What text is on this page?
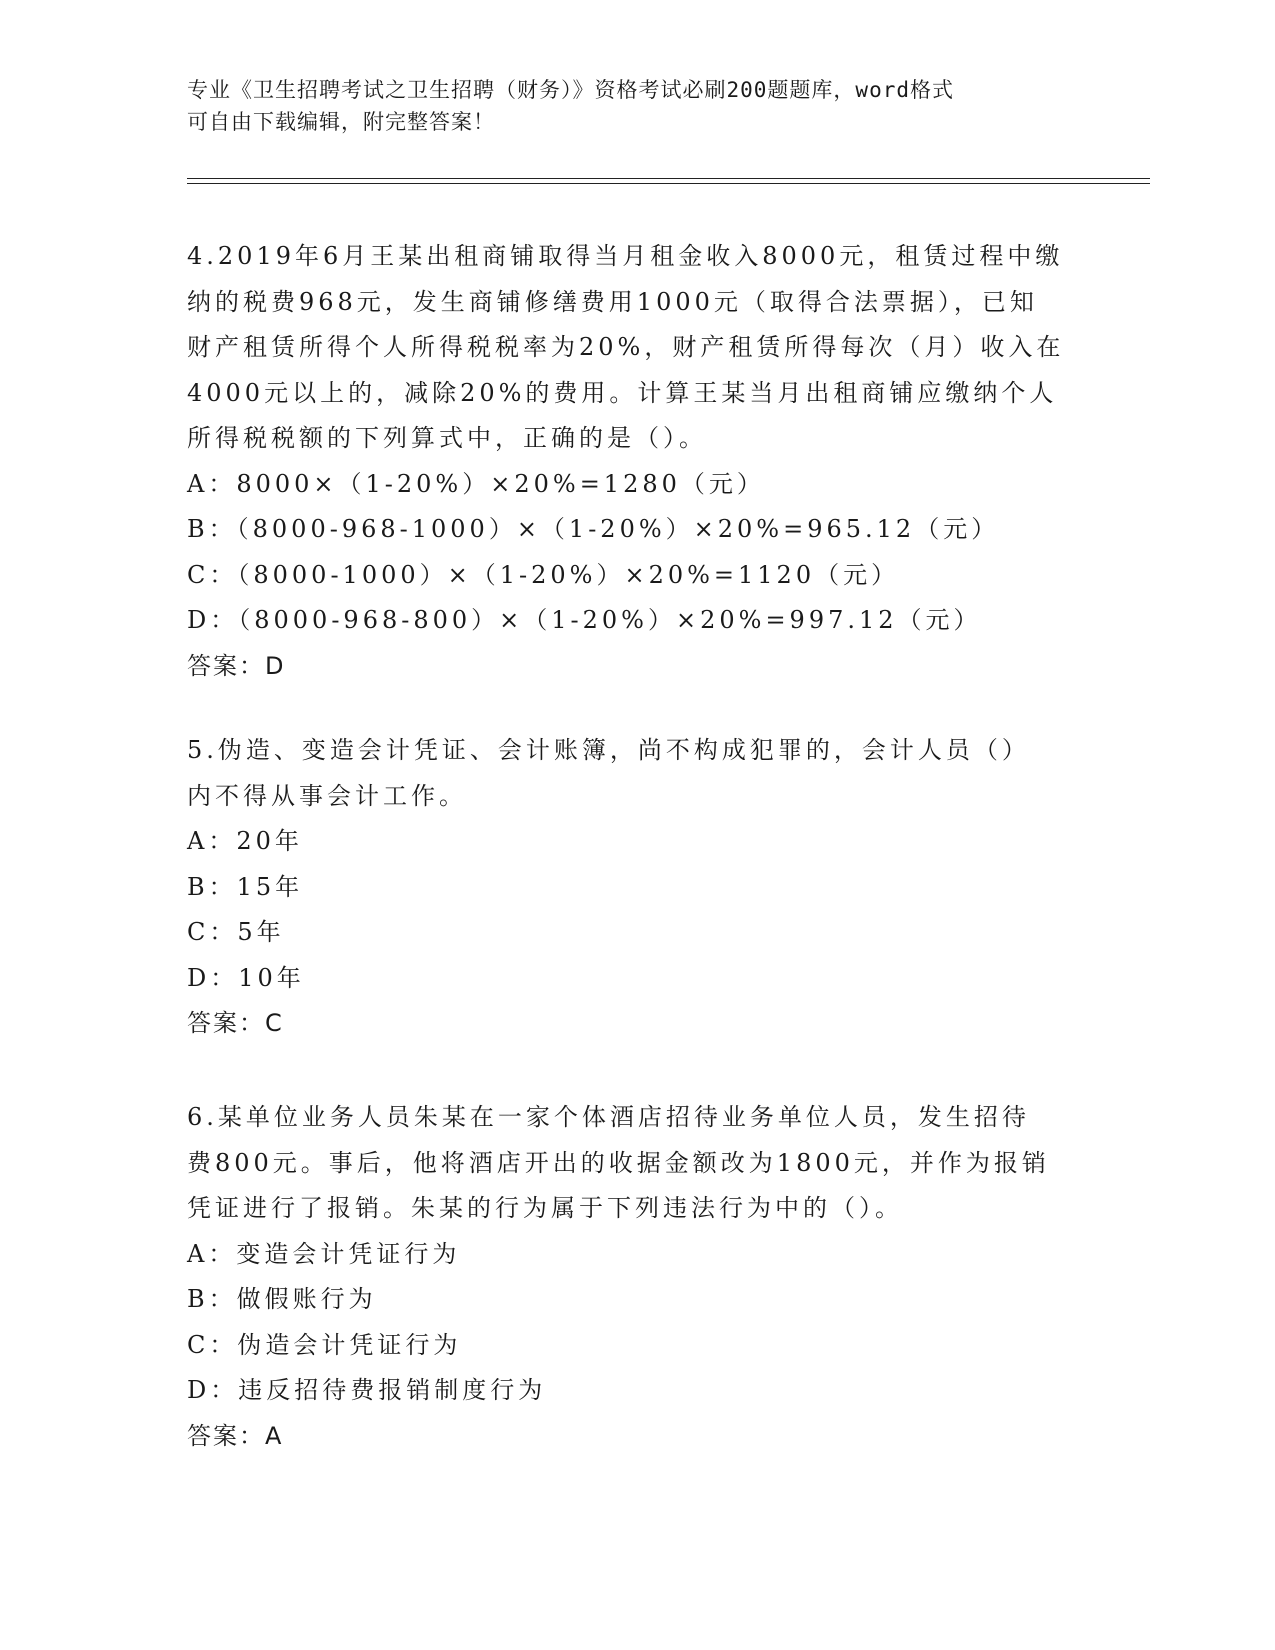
专业《卫生招聘考试之卫生招聘（财务）》资格考试必刷200题题库，word格式
可自由下载编辑，附完整答案！
4.2019年6月王某出租商铺取得当月租金收入8000元，租赁过程中缴
纳的税费968元，发生商铺修缮费用1000元（取得合法票据），已知
财产租赁所得个人所得税税率为20%，财产租赁所得每次（月）收入在
4000元以上的，减除20%的费用。计算王某当月出租商铺应缴纳个人
所得税税额的下列算式中，正确的是（）。
A：8000×（1-20%）×20%=1280（元）
B：（8000-968-1000）×（1-20%）×20%=965.12（元）
C：（8000-1000）×（1-20%）×20%=1120（元）
D：（8000-968-800）×（1-20%）×20%=997.12（元）
答案：D
5.伪造、变造会计凭证、会计账簿，尚不构成犯罪的，会计人员（）
内不得从事会计工作。
A：20年
B：15年
C：5年
D：10年
答案：C
6.某单位业务人员朱某在一家个体酒店招待业务单位人员，发生招待
费800元。事后，他将酒店开出的收据金额改为1800元，并作为报销
凭证进行了报销。朱某的行为属于下列违法行为中的（）。
A：变造会计凭证行为
B：做假账行为
C：伪造会计凭证行为
D：违反招待费报销制度行为
答案：A
